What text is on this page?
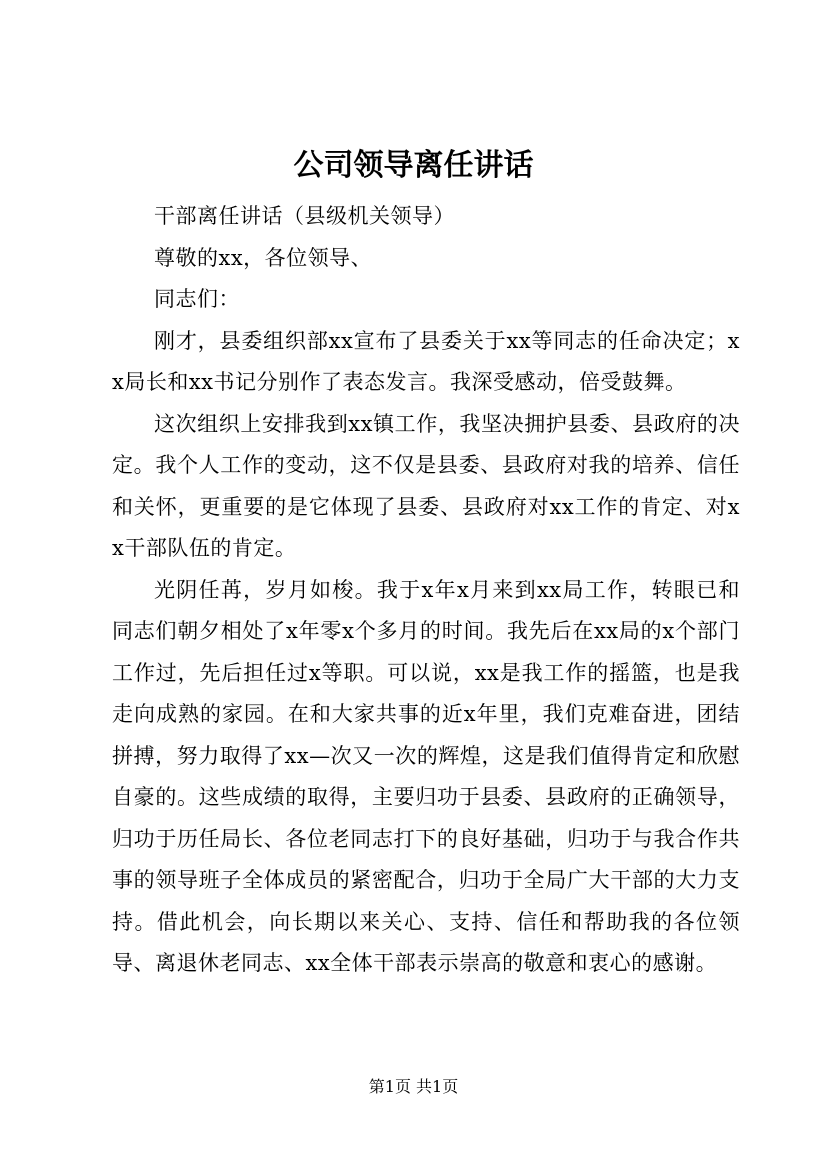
公司领导离任讲话

干部离任讲话（县级机关领导）

尊敬的xx，各位领导、

同志们：

刚才，县委组织部xx宣布了县委关于xx等同志的任命决定；xx局长和xx书记分别作了表态发言。我深受感动，倍受鼓舞。

这次组织上安排我到xx镇工作，我坚决拥护县委、县政府的决定。我个人工作的变动，这不仅是县委、县政府对我的培养、信任和关怀，更重要的是它体现了县委、县政府对xx工作的肯定、对xx干部队伍的肯定。

光阴任苒，岁月如梭。我于x年x月来到xx局工作，转眼已和同志们朝夕相处了x年零x个多月的时间。我先后在xx局的x个部门工作过，先后担任过x等职。可以说，xx是我工作的摇篮，也是我走向成熟的家园。在和大家共事的近x年里，我们克难奋进，团结拼搏，努力取得了xx—次又一次的辉煌，这是我们值得肯定和欣慰自豪的。这些成绩的取得，主要归功于县委、县政府的正确领导，归功于历任局长、各位老同志打下的良好基础，归功于与我合作共事的领导班子全体成员的紧密配合，归功于全局广大干部的大力支持。借此机会，向长期以来关心、支持、信任和帮助我的各位领导、离退休老同志、xx全体干部表示崇高的敬意和衷心的感谢。

第1页 共1页
